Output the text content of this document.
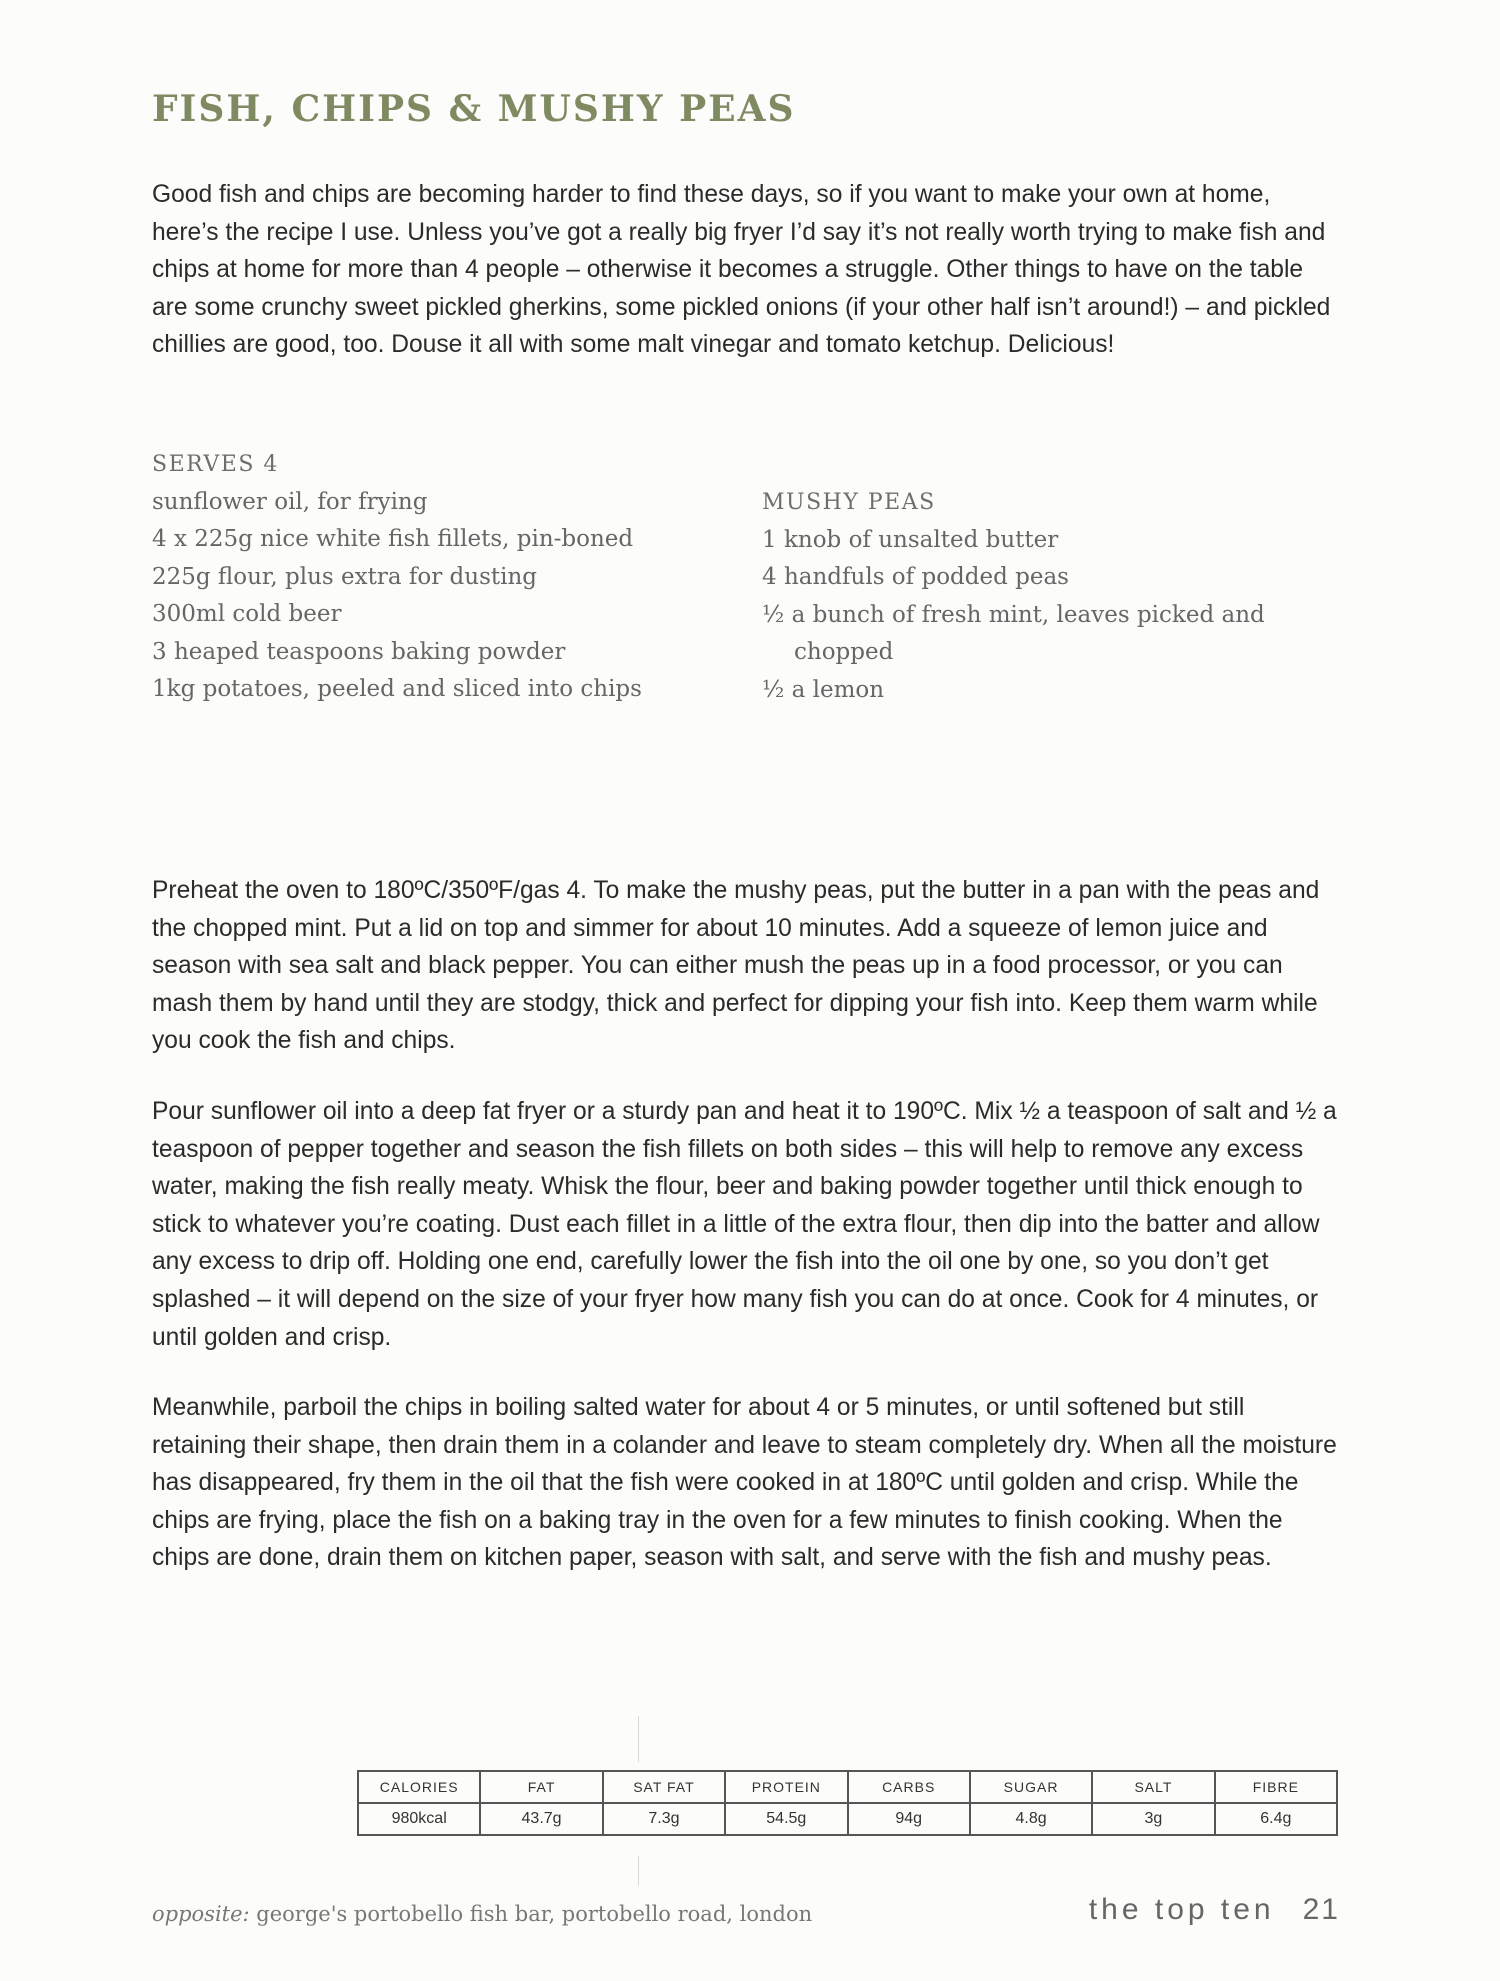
FISH, CHIPS & MUSHY PEAS

Good fish and chips are becoming harder to find these days, so if you want to make your own at home, here’s the recipe I use. Unless you’ve got a really big fryer I’d say it’s not really worth trying to make fish and chips at home for more than 4 people – otherwise it becomes a struggle. Other things to have on the table are some crunchy sweet pickled gherkins, some pickled onions (if your other half isn’t around!) – and pickled chillies are good, too. Douse it all with some malt vinegar and tomato ketchup. Delicious!

SERVES 4
sunflower oil, for frying
4 x 225g nice white fish fillets, pin-boned
225g flour, plus extra for dusting
300ml cold beer
3 heaped teaspoons baking powder
1kg potatoes, peeled and sliced into chips
MUSHY PEAS
1 knob of unsalted butter
4 handfuls of podded peas
½ a bunch of fresh mint, leaves picked and chopped
½ a lemon

Preheat the oven to 180ºC/350ºF/gas 4. To make the mushy peas, put the butter in a pan with the peas and the chopped mint. Put a lid on top and simmer for about 10 minutes. Add a squeeze of lemon juice and season with sea salt and black pepper. You can either mush the peas up in a food processor, or you can mash them by hand until they are stodgy, thick and perfect for dipping your fish into. Keep them warm while you cook the fish and chips.

Pour sunflower oil into a deep fat fryer or a sturdy pan and heat it to 190ºC. Mix ½ a teaspoon of salt and ½ a teaspoon of pepper together and season the fish fillets on both sides – this will help to remove any excess water, making the fish really meaty. Whisk the flour, beer and baking powder together until thick enough to stick to whatever you’re coating. Dust each fillet in a little of the extra flour, then dip into the batter and allow any excess to drip off. Holding one end, carefully lower the fish into the oil one by one, so you don’t get splashed – it will depend on the size of your fryer how many fish you can do at once. Cook for 4 minutes, or until golden and crisp.

Meanwhile, parboil the chips in boiling salted water for about 4 or 5 minutes, or until softened but still retaining their shape, then drain them in a colander and leave to steam completely dry. When all the moisture has disappeared, fry them in the oil that the fish were cooked in at 180ºC until golden and crisp. While the chips are frying, place the fish on a baking tray in the oven for a few minutes to finish cooking. When the chips are done, drain them on kitchen paper, season with salt, and serve with the fish and mushy peas.

CALORIES	FAT	SAT FAT	PROTEIN	CARBS	SUGAR	SALT	FIBRE
980kcal	43.7g	7.3g	54.5g	94g	4.8g	3g	6.4g
opposite: george's portobello fish bar, portobello road, london	the top ten 21
